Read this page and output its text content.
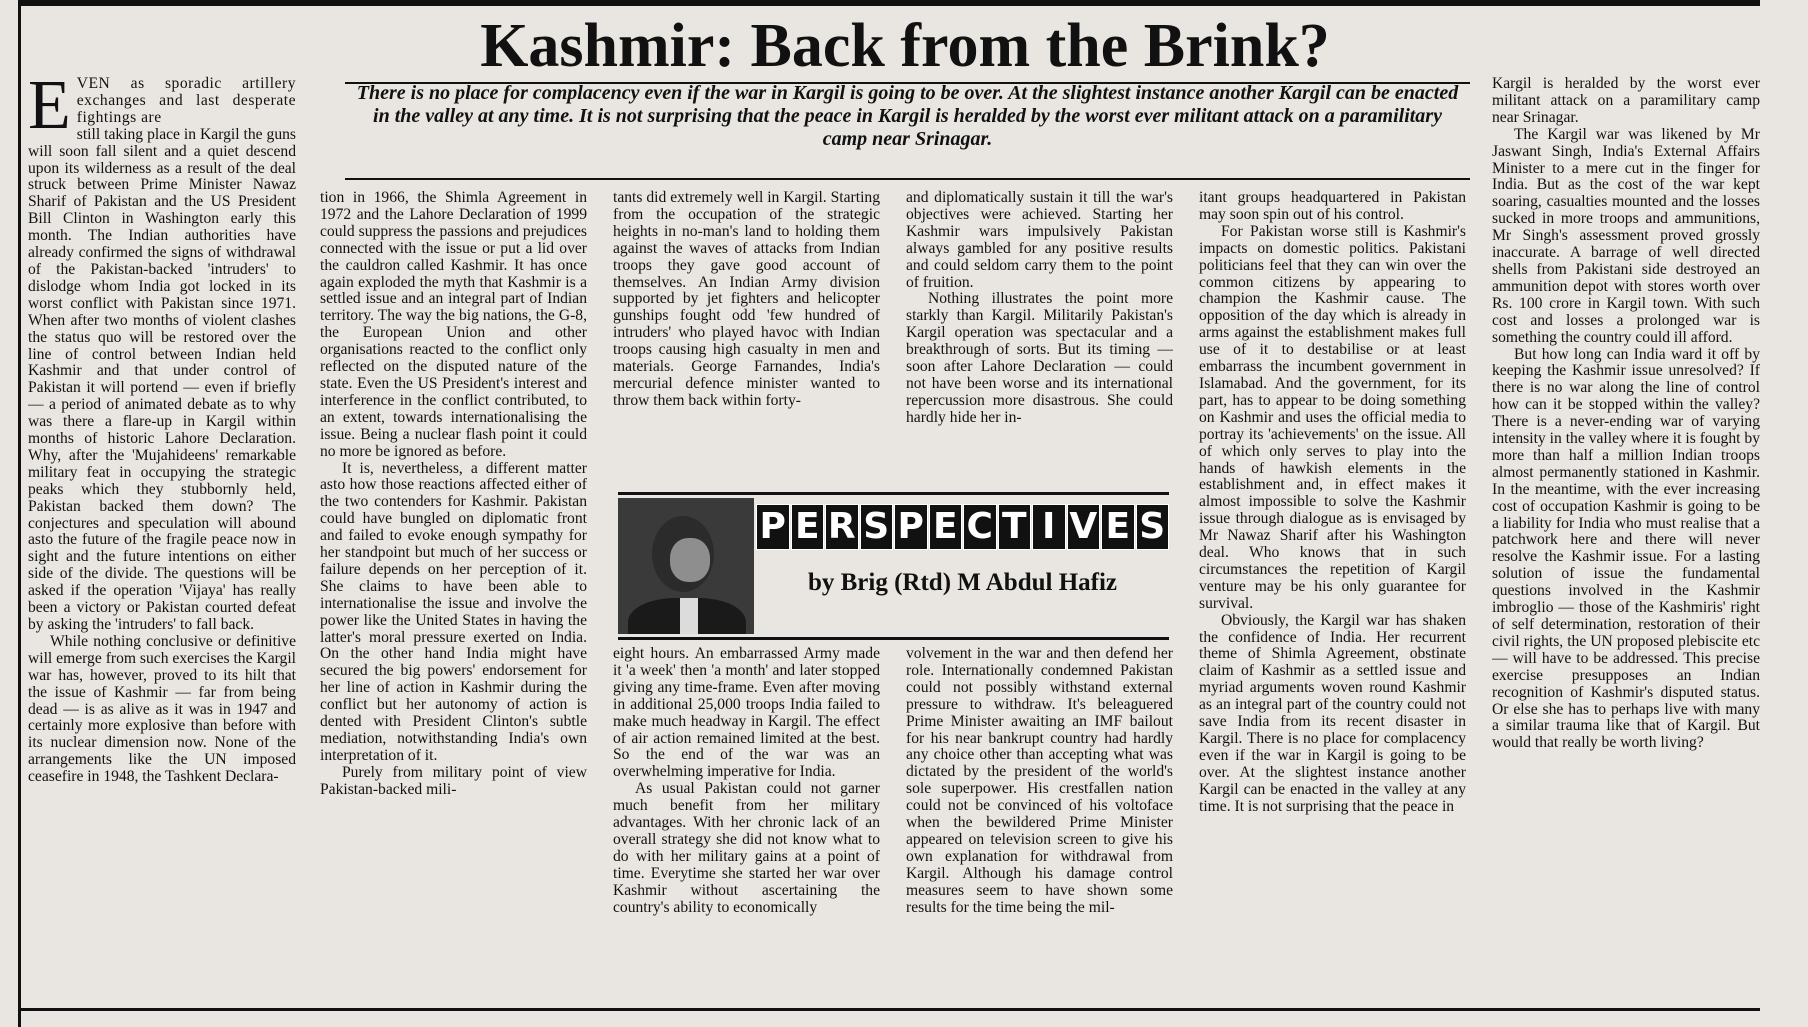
Kashmir: Back from the Brink?

There is no place for complacency even if the war in Kargil is going to be over. At the slightest instance another Kargil can be enacted in the valley at any time. It is not surprising that the peace in Kargil is heralded by the worst ever militant attack on a paramilitary camp near Srinagar.

EVEN as sporadic artillery exchanges and last desperate fightings are

still taking place in Kargil the guns will soon fall silent and a quiet descend upon its wilderness as a result of the deal struck between Prime Minister Nawaz Sharif of Pakistan and the US President Bill Clinton in Washington early this month. The Indian authorities have already confirmed the signs of withdrawal of the Pakistan-backed 'intruders' to dislodge whom India got locked in its worst conflict with Pakistan since 1971. When after two months of violent clashes the status quo will be restored over the line of control between Indian held Kashmir and that under control of Pakistan it will portend — even if briefly — a period of animated debate as to why was there a flare-up in Kargil within months of historic Lahore Declaration. Why, after the 'Mujahideens' remarkable military feat in occupying the strategic peaks which they stubbornly held, Pakistan backed them down? The conjectures and speculation will abound asto the future of the fragile peace now in sight and the future intentions on either side of the divide. The questions will be asked if the operation 'Vijaya' has really been a victory or Pakistan courted defeat by asking the 'intruders' to fall back.

While nothing conclusive or definitive will emerge from such exercises the Kargil war has, however, proved to its hilt that the issue of Kashmir — far from being dead — is as alive as it was in 1947 and certainly more explosive than before with its nuclear dimension now. None of the arrangements like the UN imposed ceasefire in 1948, the Tashkent Declara-

tion in 1966, the Shimla Agreement in 1972 and the Lahore Declaration of 1999 could suppress the passions and prejudices connected with the issue or put a lid over the cauldron called Kashmir. It has once again exploded the myth that Kashmir is a settled issue and an integral part of Indian territory. The way the big nations, the G-8, the European Union and other organisations reacted to the conflict only reflected on the disputed nature of the state. Even the US President's interest and interference in the conflict contributed, to an extent, towards internationalising the issue. Being a nuclear flash point it could no more be ignored as before.

It is, nevertheless, a different matter asto how those reactions affected either of the two contenders for Kashmir. Pakistan could have bungled on diplomatic front and failed to evoke enough sympathy for her standpoint but much of her success or failure depends on her perception of it. She claims to have been able to internationalise the issue and involve the power like the United States in having the latter's moral pressure exerted on India. On the other hand India might have secured the big powers' endorsement for her line of action in Kashmir during the conflict but her autonomy of action is dented with President Clinton's subtle mediation, notwithstanding India's own interpretation of it.

Purely from military point of view Pakistan-backed mili-

tants did extremely well in Kargil. Starting from the occupation of the strategic heights in no-man's land to holding them against the waves of attacks from Indian troops they gave good account of themselves. An Indian Army division supported by jet fighters and helicopter gunships fought odd 'few hundred of intruders' who played havoc with Indian troops causing high casualty in men and materials. George Farnandes, India's mercurial defence minister wanted to throw them back within forty-

and diplomatically sustain it till the war's objectives were achieved. Starting her Kashmir wars impulsively Pakistan always gambled for any positive results and could seldom carry them to the point of fruition.

Nothing illustrates the point more starkly than Kargil. Militarily Pakistan's Kargil operation was spectacular and a breakthrough of sorts. But its timing — soon after Lahore Declaration — could not have been worse and its international repercussion more disastrous. She could hardly hide her in-

P E R S P E C T I V E S
by Brig (Rtd) M Abdul Hafiz

eight hours. An embarrassed Army made it 'a week' then 'a month' and later stopped giving any time-frame. Even after moving in additional 25,000 troops India failed to make much headway in Kargil. The effect of air action remained limited at the best. So the end of the war was an overwhelming imperative for India.

As usual Pakistan could not garner much benefit from her military advantages. With her chronic lack of an overall strategy she did not know what to do with her military gains at a point of time. Everytime she started her war over Kashmir without ascertaining the country's ability to economically

volvement in the war and then defend her role. Internationally condemned Pakistan could not possibly withstand external pressure to withdraw. It's beleaguered Prime Minister awaiting an IMF bailout for his near bankrupt country had hardly any choice other than accepting what was dictated by the president of the world's sole superpower. His crestfallen nation could not be convinced of his voltoface when the bewildered Prime Minister appeared on television screen to give his own explanation for withdrawal from Kargil. Although his damage control measures seem to have shown some results for the time being the mil-

itant groups headquartered in Pakistan may soon spin out of his control.

For Pakistan worse still is Kashmir's impacts on domestic politics. Pakistani politicians feel that they can win over the common citizens by appearing to champion the Kashmir cause. The opposition of the day which is already in arms against the establishment makes full use of it to destabilise or at least embarrass the incumbent government in Islamabad. And the government, for its part, has to appear to be doing something on Kashmir and uses the official media to portray its 'achievements' on the issue. All of which only serves to play into the hands of hawkish elements in the establishment and, in effect makes it almost impossible to solve the Kashmir issue through dialogue as is envisaged by Mr Nawaz Sharif after his Washington deal. Who knows that in such circumstances the repetition of Kargil venture may be his only guarantee for survival.

Obviously, the Kargil war has shaken the confidence of India. Her recurrent theme of Shimla Agreement, obstinate claim of Kashmir as a settled issue and myriad arguments woven round Kashmir as an integral part of the country could not save India from its recent disaster in Kargil. There is no place for complacency even if the war in Kargil is going to be over. At the slightest instance another Kargil can be enacted in the valley at any time. It is not surprising that the peace in

Kargil is heralded by the worst ever militant attack on a paramilitary camp near Srinagar.

The Kargil war was likened by Mr Jaswant Singh, India's External Affairs Minister to a mere cut in the finger for India. But as the cost of the war kept soaring, casualties mounted and the losses sucked in more troops and ammunitions, Mr Singh's assessment proved grossly inaccurate. A barrage of well directed shells from Pakistani side destroyed an ammunition depot with stores worth over Rs. 100 crore in Kargil town. With such cost and losses a prolonged war is something the country could ill afford.

But how long can India ward it off by keeping the Kashmir issue unresolved? If there is no war along the line of control how can it be stopped within the valley? There is a never-ending war of varying intensity in the valley where it is fought by more than half a million Indian troops almost permanently stationed in Kashmir. In the meantime, with the ever increasing cost of occupation Kashmir is going to be a liability for India who must realise that a patchwork here and there will never resolve the Kashmir issue. For a lasting solution of issue the fundamental questions involved in the Kashmir imbroglio — those of the Kashmiris' right of self determination, restoration of their civil rights, the UN proposed plebiscite etc — will have to be addressed. This precise exercise presupposes an Indian recognition of Kashmir's disputed status. Or else she has to perhaps live with many a similar trauma like that of Kargil. But would that really be worth living?
